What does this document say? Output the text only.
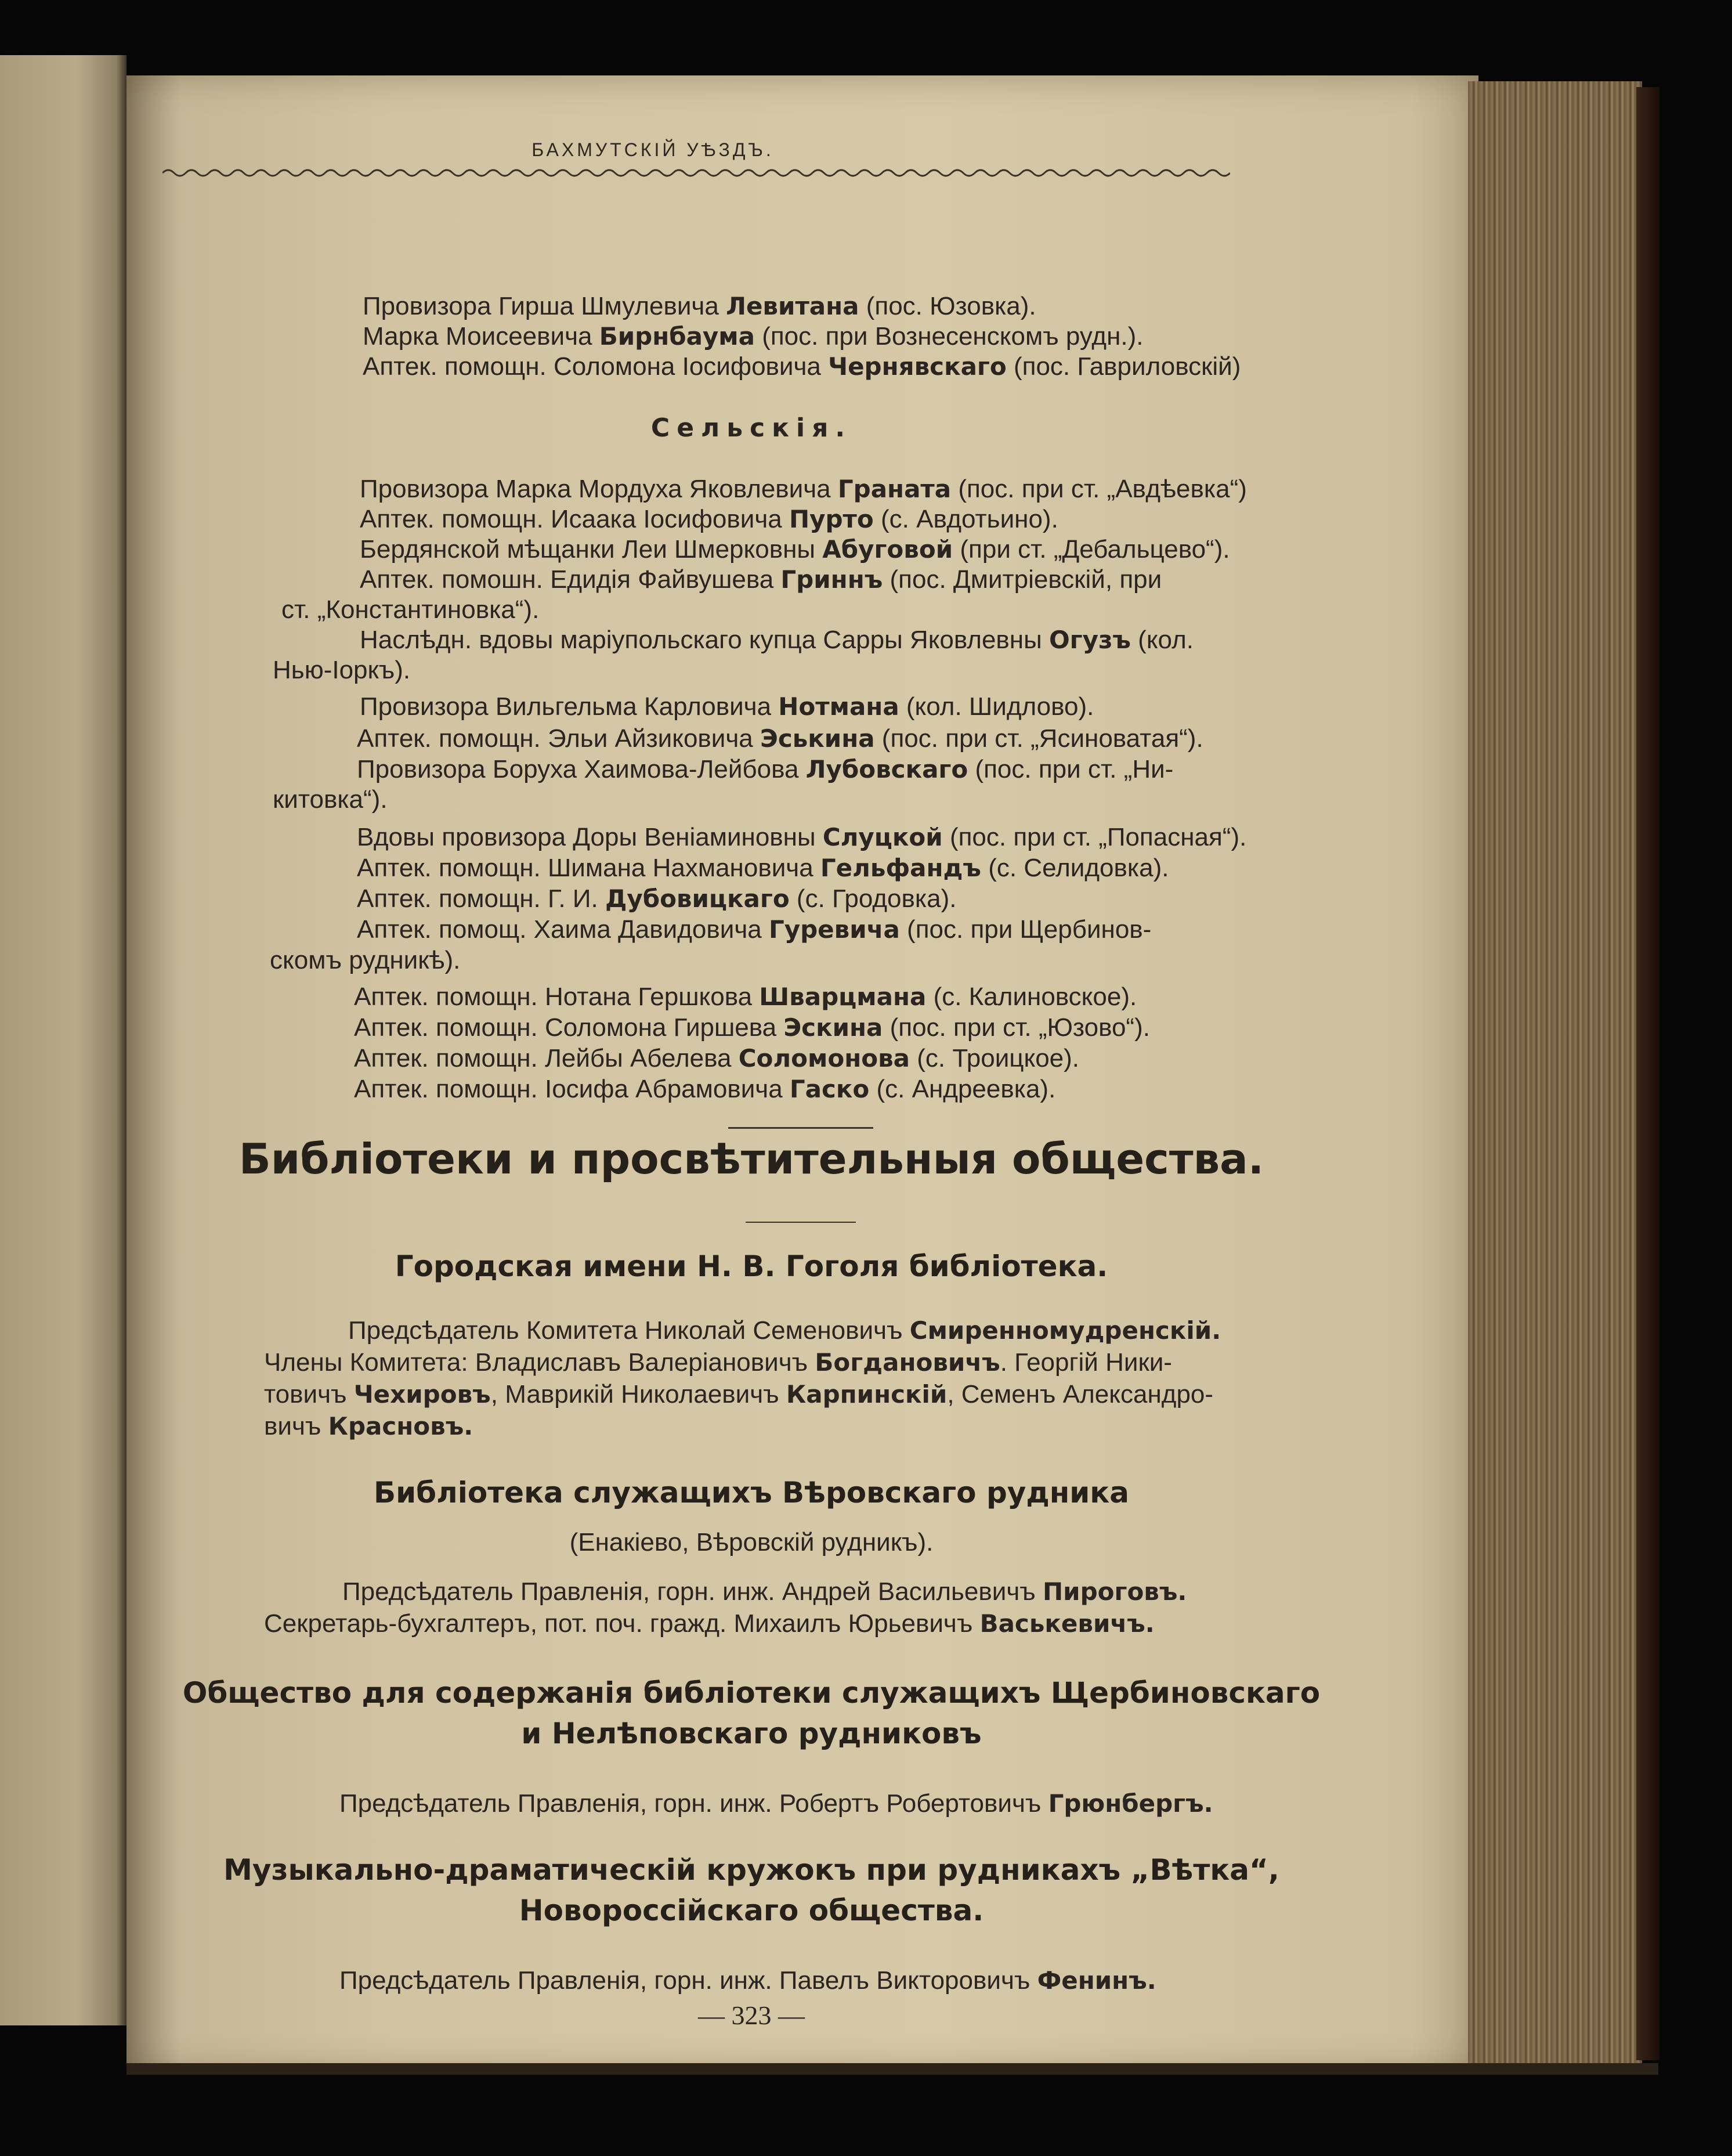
БАХМУТСКІЙ УѢЗДЪ.
Провизора Гирша Шмулевича Левитана (пос. Юзовка).
Марка Моисеевича Бирнбаума (пос. при Вознесенскомъ рудн.).
Аптек. помощн. Соломона Іосифовича Чернявскаго (пос. Гавриловскій)
Сельскія.
Провизора Марка Мордуха Яковлевича Граната (пос. при ст. „Авдѣевка“)
Аптек. помощн. Исаака Іосифовича Пурто (с. Авдотьино).
Бердянской мѣщанки Леи Шмерковны Абуговой (при ст. „Дебальцево“).
Аптек. помошн. Едидія Файвушева Гриннъ (пос. Дмитріевскій, при
ст. „Константиновка“).
Наслѣдн. вдовы маріупольскаго купца Сарры Яковлевны Огузъ (кол.
Нью-Іоркъ).
Провизора Вильгельма Карловича Нотмана (кол. Шидлово).
Аптек. помощн. Эльи Айзиковича Эськина (пос. при ст. „Ясиноватая“).
Провизора Боруха Хаимова-Лейбова Лубовскаго (пос. при ст. „Ни-
китовка“).
Вдовы провизора Доры Веніаминовны Слуцкой (пос. при ст. „Попасная“).
Аптек. помощн. Шимана Нахмановича Гельфандъ (с. Селидовка).
Аптек. помощн. Г. И. Дубовицкаго (с. Гродовка).
Аптек. помощ. Хаима Давидовича Гуревича (пос. при Щербинов-
скомъ рудникѣ).
Аптек. помощн. Нотана Гершкова Шварцмана (с. Калиновское).
Аптек. помощн. Соломона Гиршева Эскина (пос. при ст. „Юзово“).
Аптек. помощн. Лейбы Абелева Соломонова (с. Троицкое).
Аптек. помощн. Іосифа Абрамовича Гаско (с. Андреевка).
Библіотеки и просвѣтительныя общества.
Городская имени Н. В. Гоголя библіотека.
Предсѣдатель Комитета Николай Семеновичъ Смиренномудренскій.
Члены Комитета: Владиславъ Валеріановичъ Богдановичъ. Георгій Ники-
товичъ Чехировъ, Маврикій Николаевичъ Карпинскій, Семенъ Александро-
вичъ Красновъ.
Библіотека служащихъ Вѣровскаго рудника
(Енакіево, Вѣровскій рудникъ).
Предсѣдатель Правленія, горн. инж. Андрей Васильевичъ Пироговъ.
Секретарь-бухгалтеръ, пот. поч. гражд. Михаилъ Юрьевичъ Васькевичъ.
Общество для содержанія библіотеки служащихъ Щербиновскаго
и Нелѣповскаго рудниковъ
Предсѣдатель Правленія, горн. инж. Робертъ Робертовичъ Грюнбергъ.
Музыкально-драматическій кружокъ при рудникахъ „Вѣтка“,
Новороссійскаго общества.
Предсѣдатель Правленія, горн. инж. Павелъ Викторовичъ Фенинъ.
— 323 —
